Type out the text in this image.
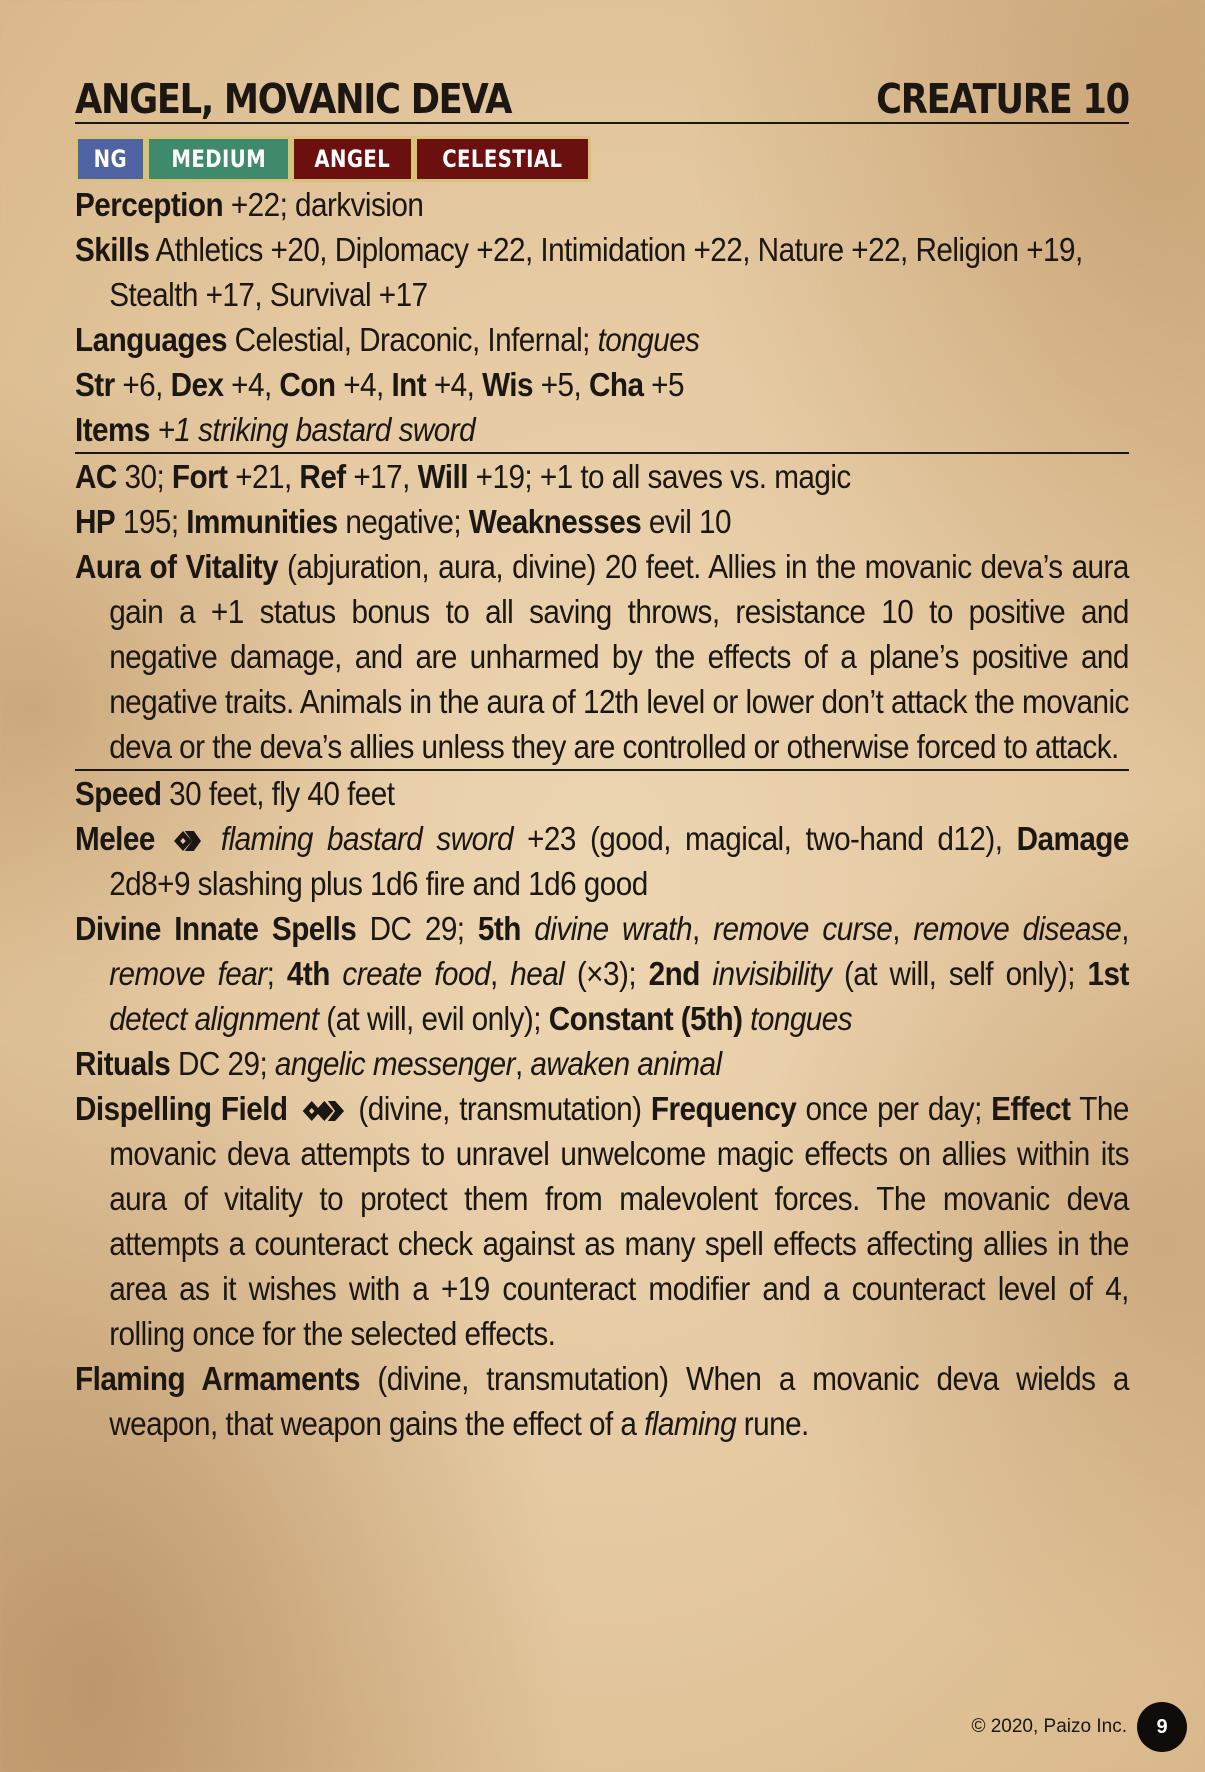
ANGEL, MOVANIC DEVA	CREATURE 10
NG	MEDIUM	ANGEL	CELESTIAL
Perception +22; darkvision
Skills Athletics +20, Diplomacy +22, Intimidation +22, Nature +22, Religion +19, Stealth +17, Survival +17
Languages Celestial, Draconic, Infernal; tongues
Str +6, Dex +4, Con +4, Int +4, Wis +5, Cha +5
Items +1 striking bastard sword
AC 30; Fort +21, Ref +17, Will +19; +1 to all saves vs. magic
HP 195; Immunities negative; Weaknesses evil 10
Aura of Vitality (abjuration, aura, divine) 20 feet. Allies in the movanic deva’s aura gain a +1 status bonus to all saving throws, resistance 10 to positive and negative damage, and are unharmed by the effects of a plane’s positive and negative traits. Animals in the aura of 12th level or lower don’t attack the movanic deva or the deva’s allies unless they are controlled or otherwise forced to attack.
Speed 30 feet, fly 40 feet
Melee flaming bastard sword +23 (good, magical, two-hand d12), Damage 2d8+9 slashing plus 1d6 fire and 1d6 good
Divine Innate Spells DC 29; 5th divine wrath, remove curse, remove disease, remove fear; 4th create food, heal (×3); 2nd invisibility (at will, self only); 1st detect alignment (at will, evil only); Constant (5th) tongues
Rituals DC 29; angelic messenger, awaken animal
Dispelling Field (divine, transmutation) Frequency once per day; Effect The movanic deva attempts to unravel unwelcome magic effects on allies within its aura of vitality to protect them from malevolent forces. The movanic deva attempts a counteract check against as many spell effects affecting allies in the area as it wishes with a +19 counteract modifier and a counteract level of 4, rolling once for the selected effects.
Flaming Armaments (divine, transmutation) When a movanic deva wields a weapon, that weapon gains the effect of a flaming rune.
© 2020, Paizo Inc.	9
